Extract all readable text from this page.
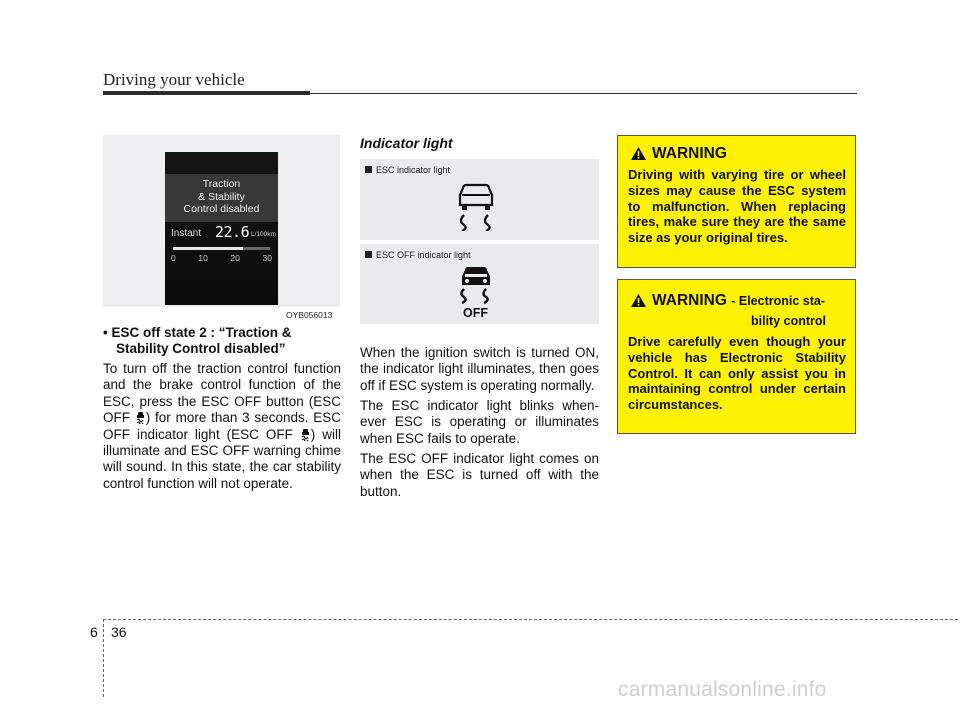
Driving your vehicle
Traction
& Stability
Control disabled
Instant 22.6 L/100km
0	10	20	30
OYB056013
• ESC off state 2 : “Traction &
Stability Control disabled”
To turn off the traction control function and the brake control function of the ESC, press the ESC OFF button (ESC OFF ) for more than 3 seconds. ESC OFF indicator light (ESC OFF ) will illuminate and ESC OFF warning chime will sound. In this state, the car stability control function will not operate.
Indicator light
ESC indicator light
ESC OFF indicator light
OFF
When the ignition switch is turned ON, the indicator light illuminates, then goes off if ESC system is operating normally.
The ESC indicator light blinks when-ever ESC is operating or illuminates when ESC fails to operate.
The ESC OFF indicator light comes on when the ESC is turned off with the button.
WARNING
Driving with varying tire or wheel sizes may cause the ESC system to malfunction. When replacing tires, make sure they are the same size as your original tires.
WARNING - Electronic sta-
bility control
Drive carefully even though your vehicle has Electronic Stability Control. It can only assist you in maintaining control under certain circumstances.
6 36
carmanualsonline.info
